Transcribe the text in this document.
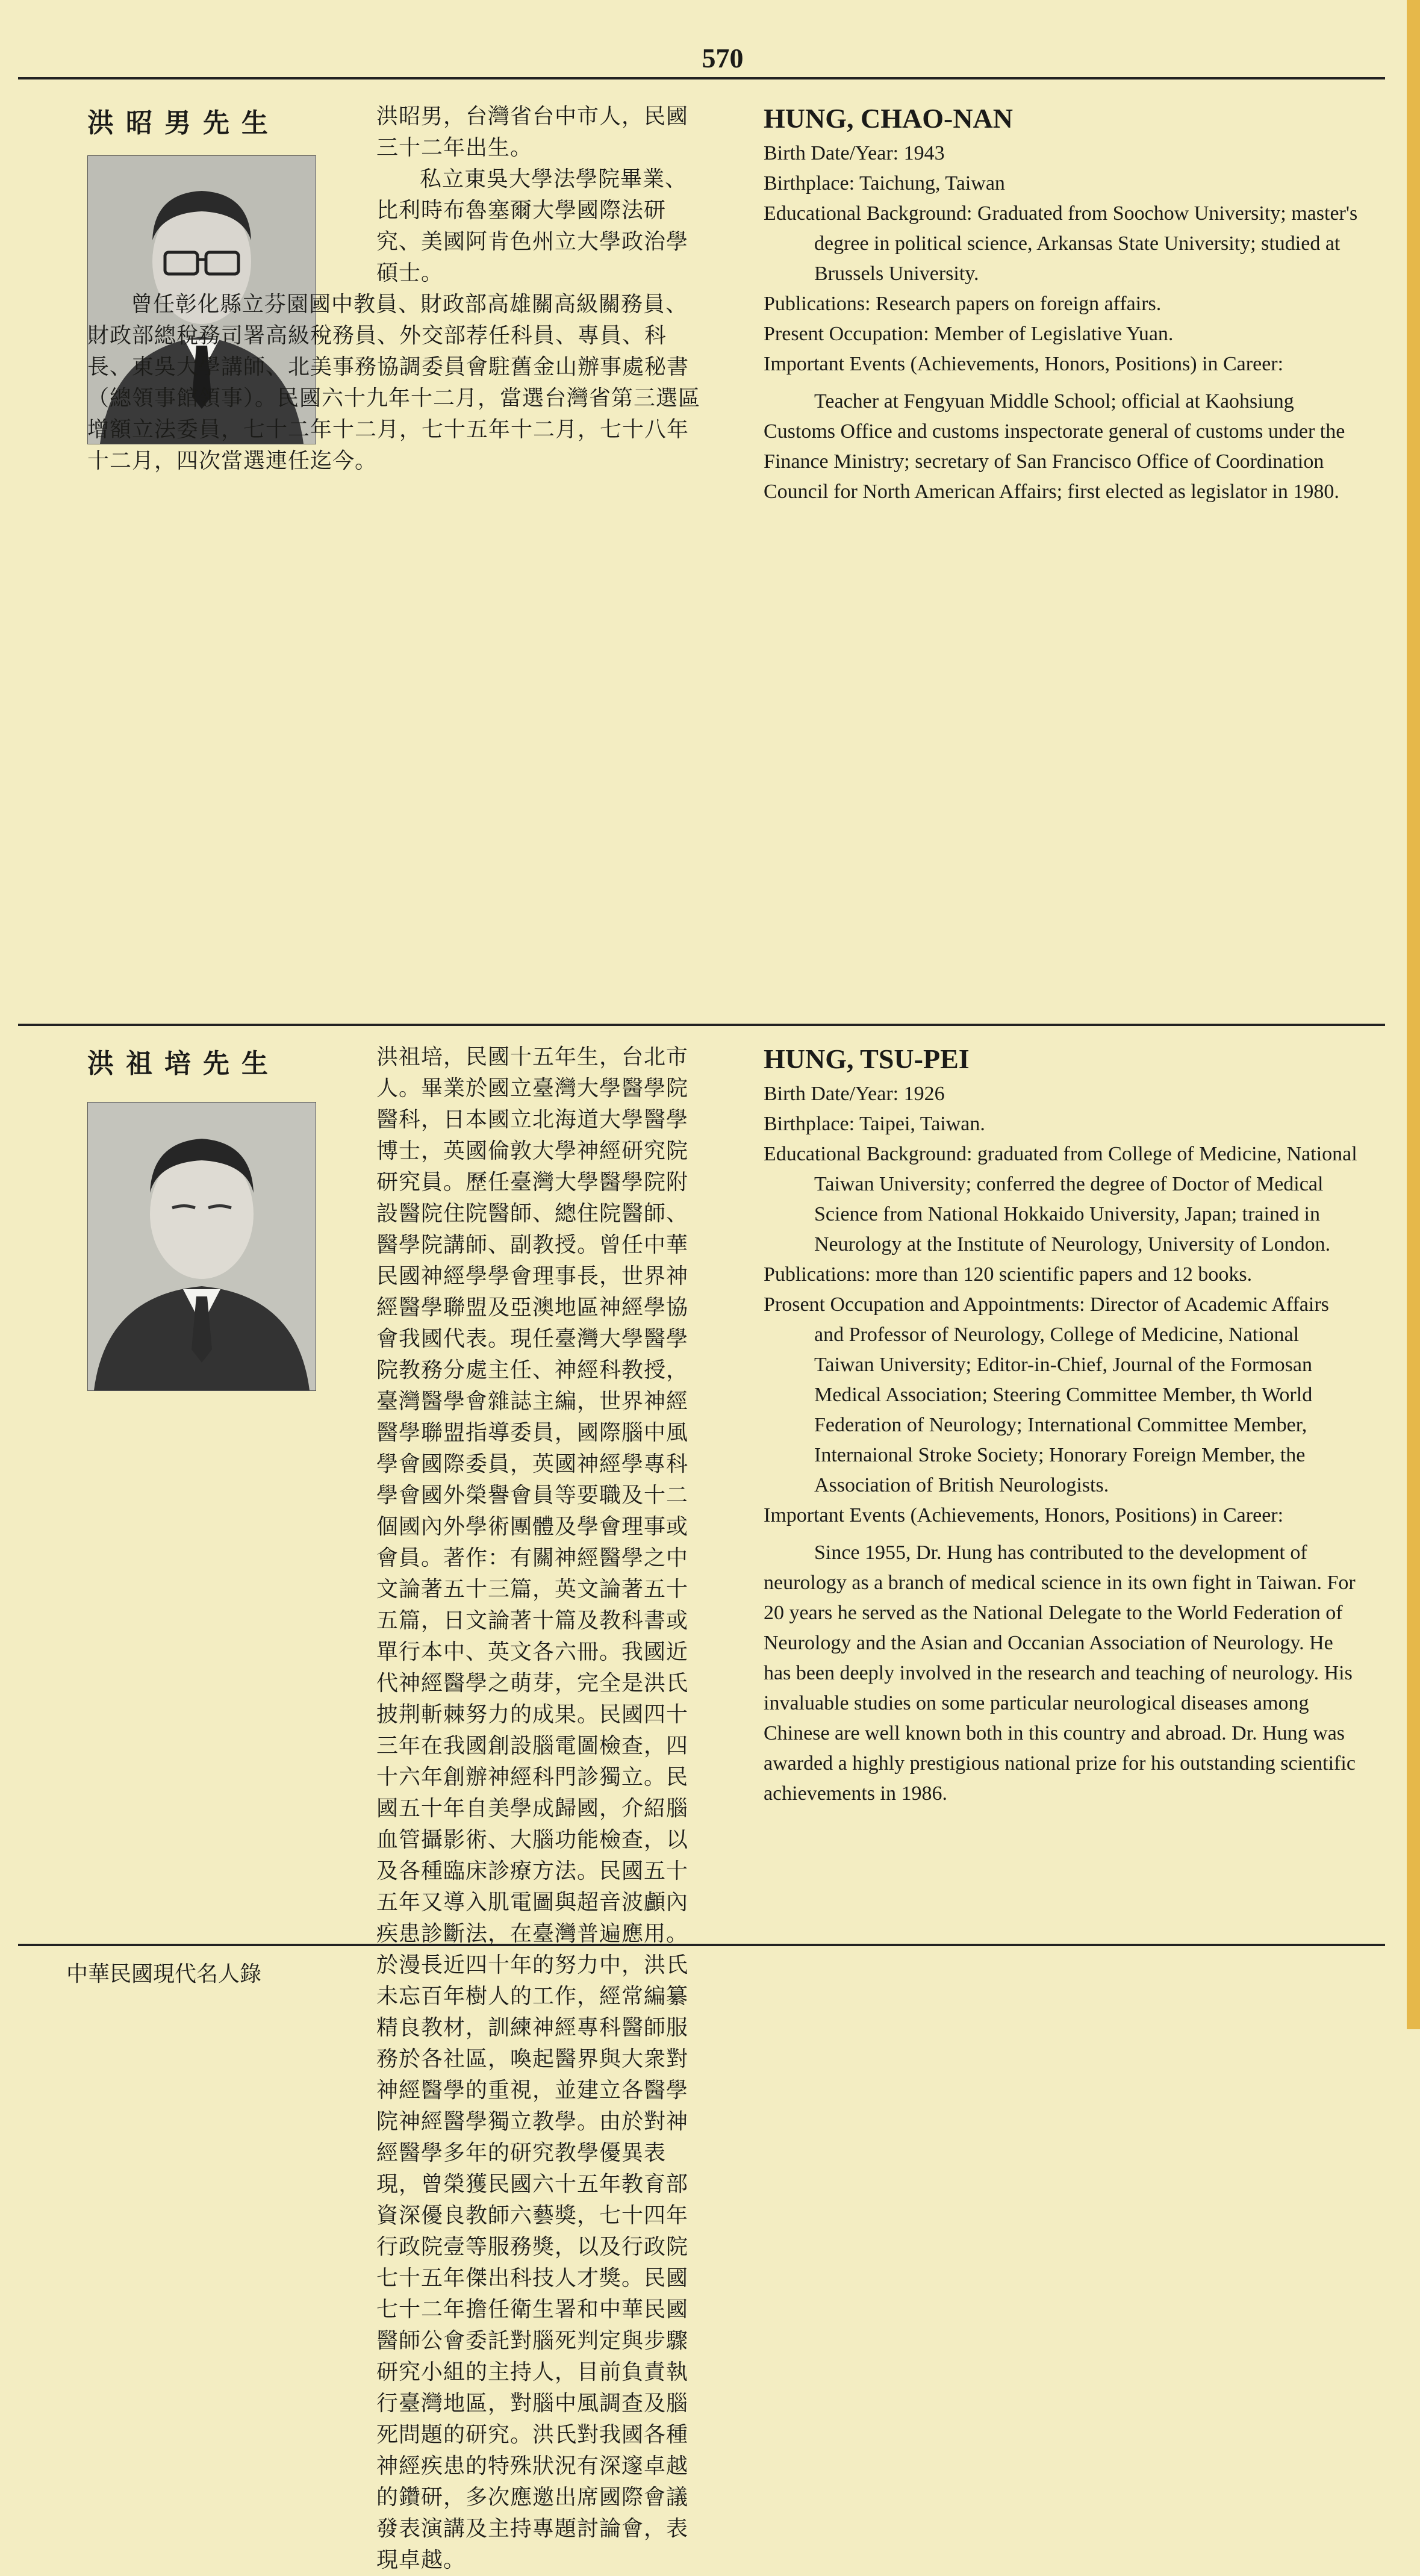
570
洪昭男先生	洪昭男，台灣省台中市人，民國三十二年出生。

私立東吳大學法學院畢業、比利時布魯塞爾大學國際法研究、美國阿肯色州立大學政治學碩士。

曾任彰化縣立芬園國中教員、財政部高雄關高級關務員、財政部總稅務司署高級稅務員、外交部荐任科員、專員、科長、東吳大學講師、北美事務協調委員會駐舊金山辦事處秘書（總領事館領事）。民國六十九年十二月，當選台灣省第三選區增額立法委員，七十二年十二月，七十五年十二月，七十八年十二月，四次當選連任迄今。

HUNG, CHAO-NAN

Birth Date/Year: 1943

Birthplace: Taichung, Taiwan

Educational Background: Graduated from Soochow University; master's degree in political science, Arkansas State University; studied at Brussels University.

Publications: Research papers on foreign affairs.

Present Occupation: Member of Legislative Yuan.

Important Events (Achievements, Honors, Positions) in Career:

Teacher at Fengyuan Middle School; official at Kaohsiung Customs Office and customs inspectorate general of customs under the Finance Ministry; secretary of San Francisco Office of Coordination Council for North American Affairs; first elected as legislator in 1980.

洪祖培先生	洪祖培，民國十五年生，台北市人。畢業於國立臺灣大學醫學院醫科，日本國立北海道大學醫學博士，英國倫敦大學神經研究院研究員。歷任臺灣大學醫學院附設醫院住院醫師、總住院醫師、醫學院講師、副教授。曾任中華民國神經學學會理事長，世界神經醫學聯盟及亞澳地區神經學協會我國代表。現任臺灣大學醫學院教務分處主任、神經科教授，臺灣醫學會雜誌主編，世界神經醫學聯盟指導委員，國際腦中風學會國際委員，英國神經學專科學會國外榮譽會員等要職及十二個國內外學術團體及學會理事或會員。著作：有關神經醫學之中文論著五十三篇，英文論著五十五篇，日文論著十篇及教科書或單行本中、英文各六冊。我國近代神經醫學之萌芽，完全是洪氏披荆斬棘努力的成果。民國四十三年在我國創設腦電圖檢查，四十六年創辦神經科門診獨立。民國五十年自美學成歸國，介紹腦血管攝影術、大腦功能檢查，以及各種臨床診療方法。民國五十五年又導入肌電圖與超音波顱內疾患診斷法，在臺灣普遍應用。於漫長近四十年的努力中，洪氏未忘百年樹人的工作，經常編纂精良教材，訓練神經專科醫師服務於各社區，喚起醫界與大衆對神經醫學的重視，並建立各醫學院神經醫學獨立教學。由於對神經醫學多年的研究教學優異表現，曾榮獲民國六十五年教育部資深優良教師六藝獎，七十四年行政院壹等服務獎，以及行政院七十五年傑出科技人才獎。民國七十二年擔任衛生署和中華民國醫師公會委託對腦死判定與步驟研究小組的主持人，目前負責執行臺灣地區，對腦中風調查及腦死問題的研究。洪氏對我國各種神經疾患的特殊狀況有深邃卓越的鑽研，多次應邀出席國際會議發表演講及主持專題討論會，表現卓越。

HUNG, TSU-PEI

Birth Date/Year: 1926

Birthplace: Taipei, Taiwan.

Educational Background: graduated from College of Medicine, National Taiwan University; conferred the degree of Doctor of Medical Science from National Hokkaido University, Japan; trained in Neurology at the Institute of Neurology, University of London.

Publications: more than 120 scientific papers and 12 books.

Prosent Occupation and Appointments: Director of Academic Affairs and Professor of Neurology, College of Medicine, National Taiwan University; Editor-in-Chief, Journal of the Formosan Medical Association; Steering Committee Member, th World Federation of Neurology; International Committee Member, Internaional Stroke Society; Honorary Foreign Member, the Association of British Neurologists.

Important Events (Achievements, Honors, Positions) in Career:

Since 1955, Dr. Hung has contributed to the development of neurology as a branch of medical science in its own fight in Taiwan. For 20 years he served as the National Delegate to the World Federation of Neurology and the Asian and Occanian Association of Neurology. He has been deeply involved in the research and teaching of neurology. His invaluable studies on some particular neurological diseases among Chinese are well known both in this country and abroad. Dr. Hung was awarded a highly prestigious national prize for his outstanding scientific achievements in 1986.

中華民國現代名人錄
